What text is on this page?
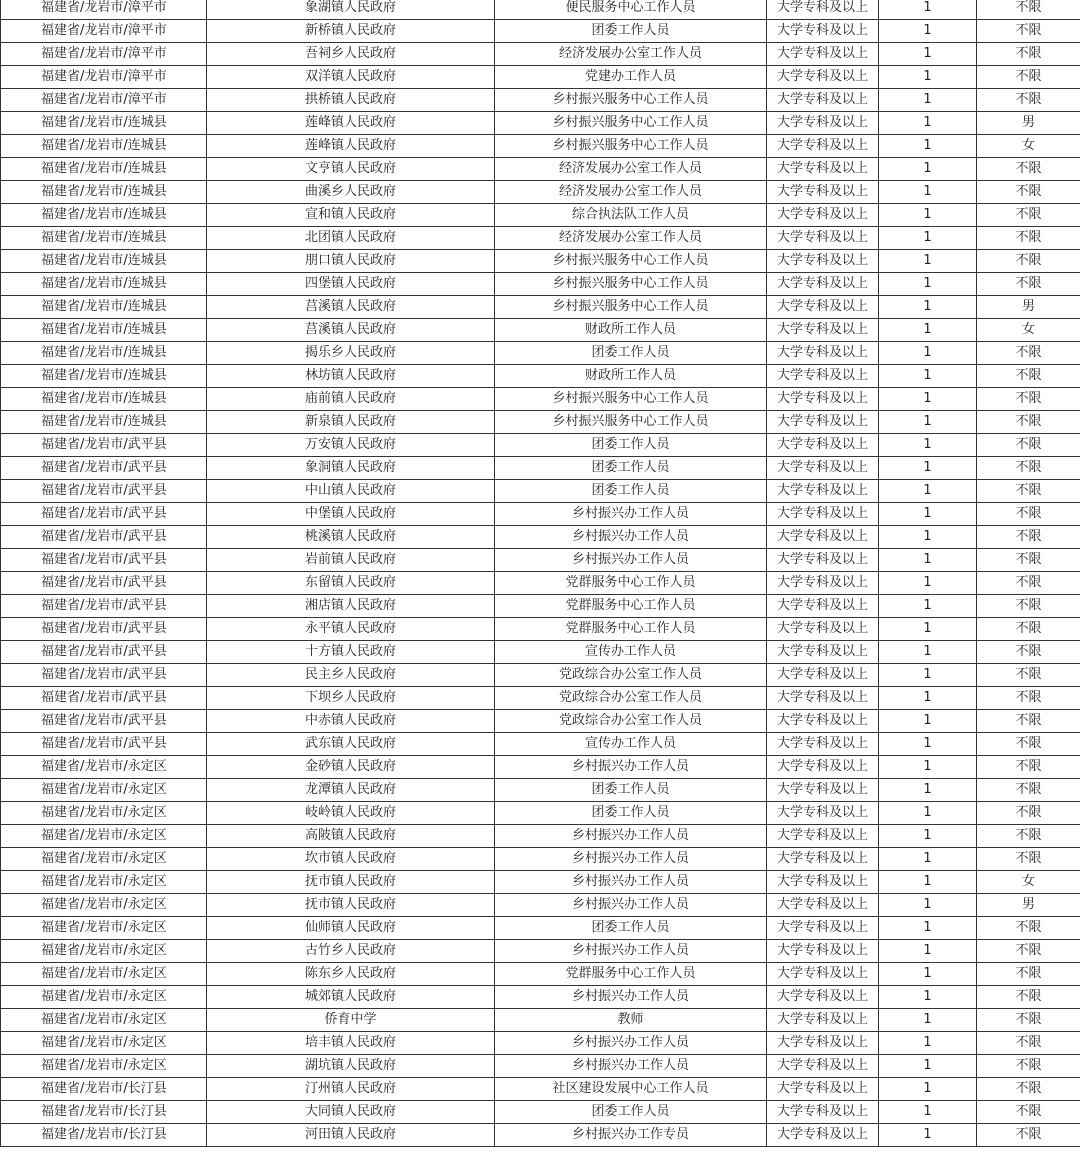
福建省/龙岩市/漳平市	象湖镇人民政府	便民服务中心工作人员	大学专科及以上	1	不限
福建省/龙岩市/漳平市	新桥镇人民政府	团委工作人员	大学专科及以上	1	不限
福建省/龙岩市/漳平市	吾祠乡人民政府	经济发展办公室工作人员	大学专科及以上	1	不限
福建省/龙岩市/漳平市	双洋镇人民政府	党建办工作人员	大学专科及以上	1	不限
福建省/龙岩市/漳平市	拱桥镇人民政府	乡村振兴服务中心工作人员	大学专科及以上	1	不限
福建省/龙岩市/连城县	莲峰镇人民政府	乡村振兴服务中心工作人员	大学专科及以上	1	男
福建省/龙岩市/连城县	莲峰镇人民政府	乡村振兴服务中心工作人员	大学专科及以上	1	女
福建省/龙岩市/连城县	文亨镇人民政府	经济发展办公室工作人员	大学专科及以上	1	不限
福建省/龙岩市/连城县	曲溪乡人民政府	经济发展办公室工作人员	大学专科及以上	1	不限
福建省/龙岩市/连城县	宣和镇人民政府	综合执法队工作人员	大学专科及以上	1	不限
福建省/龙岩市/连城县	北团镇人民政府	经济发展办公室工作人员	大学专科及以上	1	不限
福建省/龙岩市/连城县	朋口镇人民政府	乡村振兴服务中心工作人员	大学专科及以上	1	不限
福建省/龙岩市/连城县	四堡镇人民政府	乡村振兴服务中心工作人员	大学专科及以上	1	不限
福建省/龙岩市/连城县	莒溪镇人民政府	乡村振兴服务中心工作人员	大学专科及以上	1	男
福建省/龙岩市/连城县	莒溪镇人民政府	财政所工作人员	大学专科及以上	1	女
福建省/龙岩市/连城县	揭乐乡人民政府	团委工作人员	大学专科及以上	1	不限
福建省/龙岩市/连城县	林坊镇人民政府	财政所工作人员	大学专科及以上	1	不限
福建省/龙岩市/连城县	庙前镇人民政府	乡村振兴服务中心工作人员	大学专科及以上	1	不限
福建省/龙岩市/连城县	新泉镇人民政府	乡村振兴服务中心工作人员	大学专科及以上	1	不限
福建省/龙岩市/武平县	万安镇人民政府	团委工作人员	大学专科及以上	1	不限
福建省/龙岩市/武平县	象洞镇人民政府	团委工作人员	大学专科及以上	1	不限
福建省/龙岩市/武平县	中山镇人民政府	团委工作人员	大学专科及以上	1	不限
福建省/龙岩市/武平县	中堡镇人民政府	乡村振兴办工作人员	大学专科及以上	1	不限
福建省/龙岩市/武平县	桃溪镇人民政府	乡村振兴办工作人员	大学专科及以上	1	不限
福建省/龙岩市/武平县	岩前镇人民政府	乡村振兴办工作人员	大学专科及以上	1	不限
福建省/龙岩市/武平县	东留镇人民政府	党群服务中心工作人员	大学专科及以上	1	不限
福建省/龙岩市/武平县	湘店镇人民政府	党群服务中心工作人员	大学专科及以上	1	不限
福建省/龙岩市/武平县	永平镇人民政府	党群服务中心工作人员	大学专科及以上	1	不限
福建省/龙岩市/武平县	十方镇人民政府	宣传办工作人员	大学专科及以上	1	不限
福建省/龙岩市/武平县	民主乡人民政府	党政综合办公室工作人员	大学专科及以上	1	不限
福建省/龙岩市/武平县	下坝乡人民政府	党政综合办公室工作人员	大学专科及以上	1	不限
福建省/龙岩市/武平县	中赤镇人民政府	党政综合办公室工作人员	大学专科及以上	1	不限
福建省/龙岩市/武平县	武东镇人民政府	宣传办工作人员	大学专科及以上	1	不限
福建省/龙岩市/永定区	金砂镇人民政府	乡村振兴办工作人员	大学专科及以上	1	不限
福建省/龙岩市/永定区	龙潭镇人民政府	团委工作人员	大学专科及以上	1	不限
福建省/龙岩市/永定区	岐岭镇人民政府	团委工作人员	大学专科及以上	1	不限
福建省/龙岩市/永定区	高陂镇人民政府	乡村振兴办工作人员	大学专科及以上	1	不限
福建省/龙岩市/永定区	坎市镇人民政府	乡村振兴办工作人员	大学专科及以上	1	不限
福建省/龙岩市/永定区	抚市镇人民政府	乡村振兴办工作人员	大学专科及以上	1	女
福建省/龙岩市/永定区	抚市镇人民政府	乡村振兴办工作人员	大学专科及以上	1	男
福建省/龙岩市/永定区	仙师镇人民政府	团委工作人员	大学专科及以上	1	不限
福建省/龙岩市/永定区	古竹乡人民政府	乡村振兴办工作人员	大学专科及以上	1	不限
福建省/龙岩市/永定区	陈东乡人民政府	党群服务中心工作人员	大学专科及以上	1	不限
福建省/龙岩市/永定区	城郊镇人民政府	乡村振兴办工作人员	大学专科及以上	1	不限
福建省/龙岩市/永定区	侨育中学	教师	大学专科及以上	1	不限
福建省/龙岩市/永定区	培丰镇人民政府	乡村振兴办工作人员	大学专科及以上	1	不限
福建省/龙岩市/永定区	湖坑镇人民政府	乡村振兴办工作人员	大学专科及以上	1	不限
福建省/龙岩市/长汀县	汀州镇人民政府	社区建设发展中心工作人员	大学专科及以上	1	不限
福建省/龙岩市/长汀县	大同镇人民政府	团委工作人员	大学专科及以上	1	不限
福建省/龙岩市/长汀县	河田镇人民政府	乡村振兴办工作专员	大学专科及以上	1	不限
